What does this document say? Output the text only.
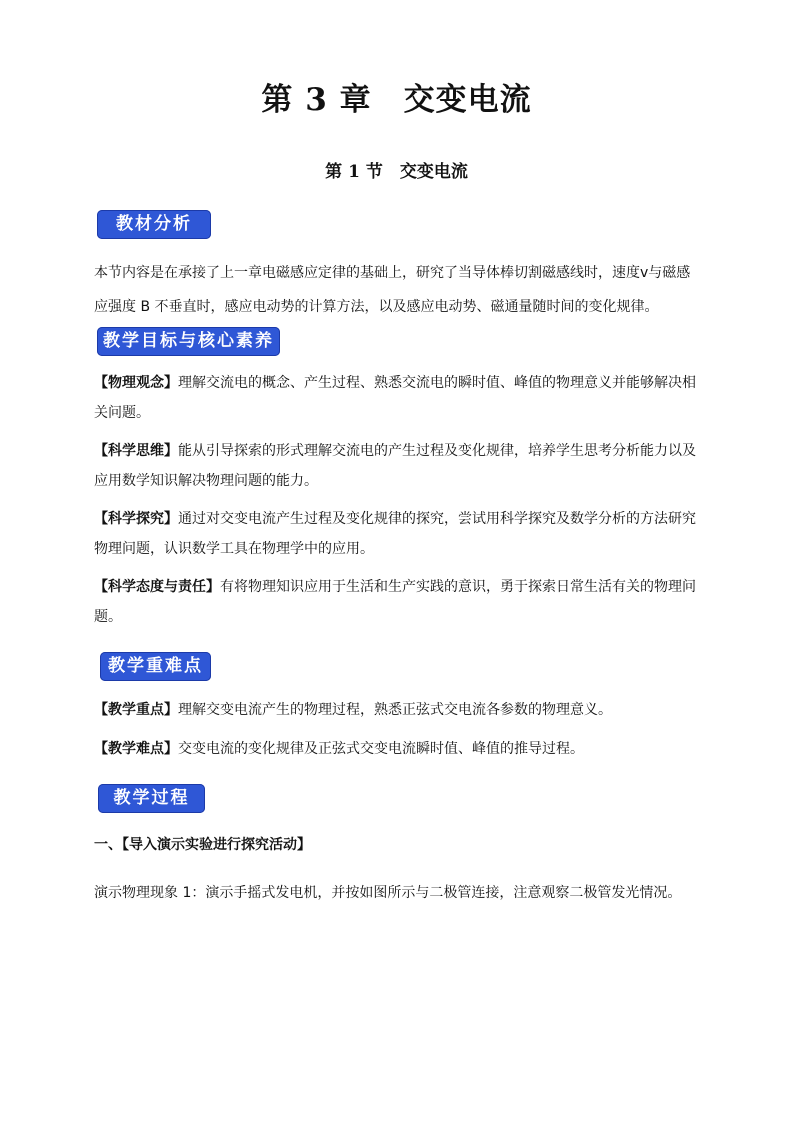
第 3 章　交变电流
第 1 节　交变电流
教材分析
本节内容是在承接了上一章电磁感应定律的基础上，研究了当导体棒切割磁感线时，速度v与磁感应强度 B 不垂直时，感应电动势的计算方法，以及感应电动势、磁通量随时间的变化规律。
教学目标与核心素养
【物理观念】理解交流电的概念、产生过程、熟悉交流电的瞬时值、峰值的物理意义并能够解决相关问题。
【科学思维】能从引导探索的形式理解交流电的产生过程及变化规律，培养学生思考分析能力以及应用数学知识解决物理问题的能力。
【科学探究】通过对交变电流产生过程及变化规律的探究，尝试用科学探究及数学分析的方法研究物理问题，认识数学工具在物理学中的应用。
【科学态度与责任】有将物理知识应用于生活和生产实践的意识，勇于探索日常生活有关的物理问题。
教学重难点
【教学重点】理解交变电流产生的物理过程，熟悉正弦式交电流各参数的物理意义。
【教学难点】交变电流的变化规律及正弦式交变电流瞬时值、峰值的推导过程。
教学过程
一、【导入演示实验进行探究活动】
演示物理现象 1：演示手摇式发电机，并按如图所示与二极管连接，注意观察二极管发光情况。
